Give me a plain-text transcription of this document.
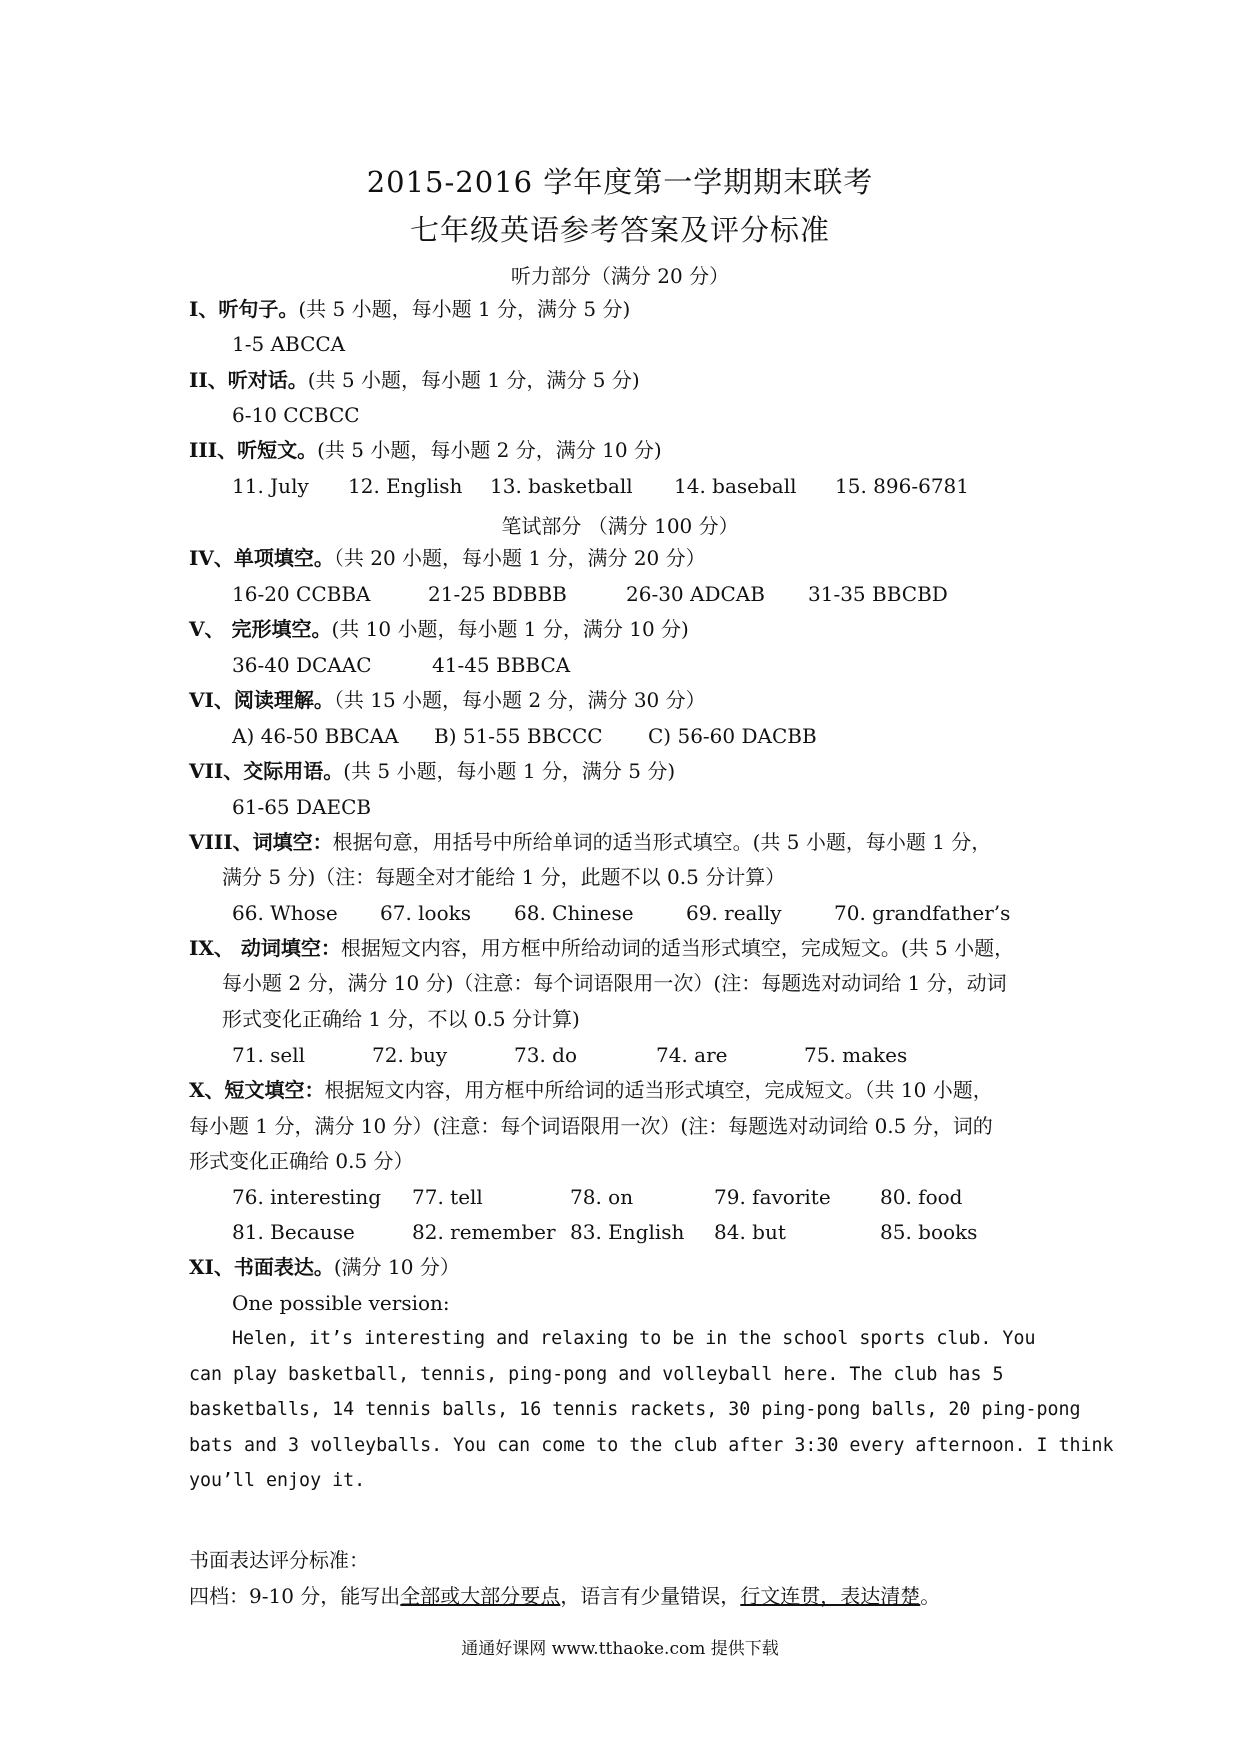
2015-2016 学年度第一学期期末联考
七年级英语参考答案及评分标准
听力部分（满分 20 分）
I、听句子。(共 5 小题，每小题 1 分，满分 5 分)
1-5 ABCCA
II、听对话。(共 5 小题，每小题 1 分，满分 5 分)
6-10 CCBCC
III、听短文。(共 5 小题，每小题 2 分，满分 10 分)
11. July 12. English 13. basketball 14. baseball 15. 896-6781
笔试部分 （满分 100 分）
IV、单项填空。（共 20 小题，每小题 1 分，满分 20 分）
16-20 CCBBA	21-25 BDBBB	26-30 ADCAB 31-35 BBCBD
V、 完形填空。(共 10 小题，每小题 1 分，满分 10 分)
36-40 DCAAC	41-45 BBBCA
VI、阅读理解。（共 15 小题，每小题 2 分，满分 30 分）
A) 46-50 BBCAA B) 51-55 BBCCC C) 56-60 DACBB
VII、交际用语。(共 5 小题，每小题 1 分，满分 5 分)
61-65 DAECB
VIII、词填空：根据句意，用括号中所给单词的适当形式填空。(共 5 小题，每小题 1 分，
满分 5 分)（注：每题全对才能给 1 分，此题不以 0.5 分计算）
66. Whose 67. looks 68. Chinese	69. really	70. grandfather’s
IX、 动词填空：根据短文内容，用方框中所给动词的适当形式填空，完成短文。(共 5 小题，
每小题 2 分，满分 10 分)（注意：每个词语限用一次）(注：每题选对动词给 1 分，动词
形式变化正确给 1 分，不以 0.5 分计算)
71. sell	72. buy	73. do	74. are	75. makes
X、短文填空：根据短文内容，用方框中所给词的适当形式填空，完成短文。（共 10 小题，
每小题 1 分，满分 10 分）(注意：每个词语限用一次）(注：每题选对动词给 0.5 分，词的
形式变化正确给 0.5 分）
76. interesting 77. tell	78. on	79. favorite 80. food
81. Because	82. remember 83. English 84. but	85. books
XI、书面表达。(满分 10 分）
One possible version:
Helen, it’s interesting and relaxing to be in the school sports club. You
can play basketball, tennis, ping-pong and volleyball here. The club has 5
basketballs, 14 tennis balls, 16 tennis rackets, 30 ping-pong balls, 20 ping-pong
bats and 3 volleyballs. You can come to the club after 3:30 every afternoon. I think
you’ll enjoy it.
书面表达评分标准：
四档：9-10 分，能写出全部或大部分要点，语言有少量错误，行文连贯，表达清楚。
通通好课网 www.tthaoke.com 提供下载
